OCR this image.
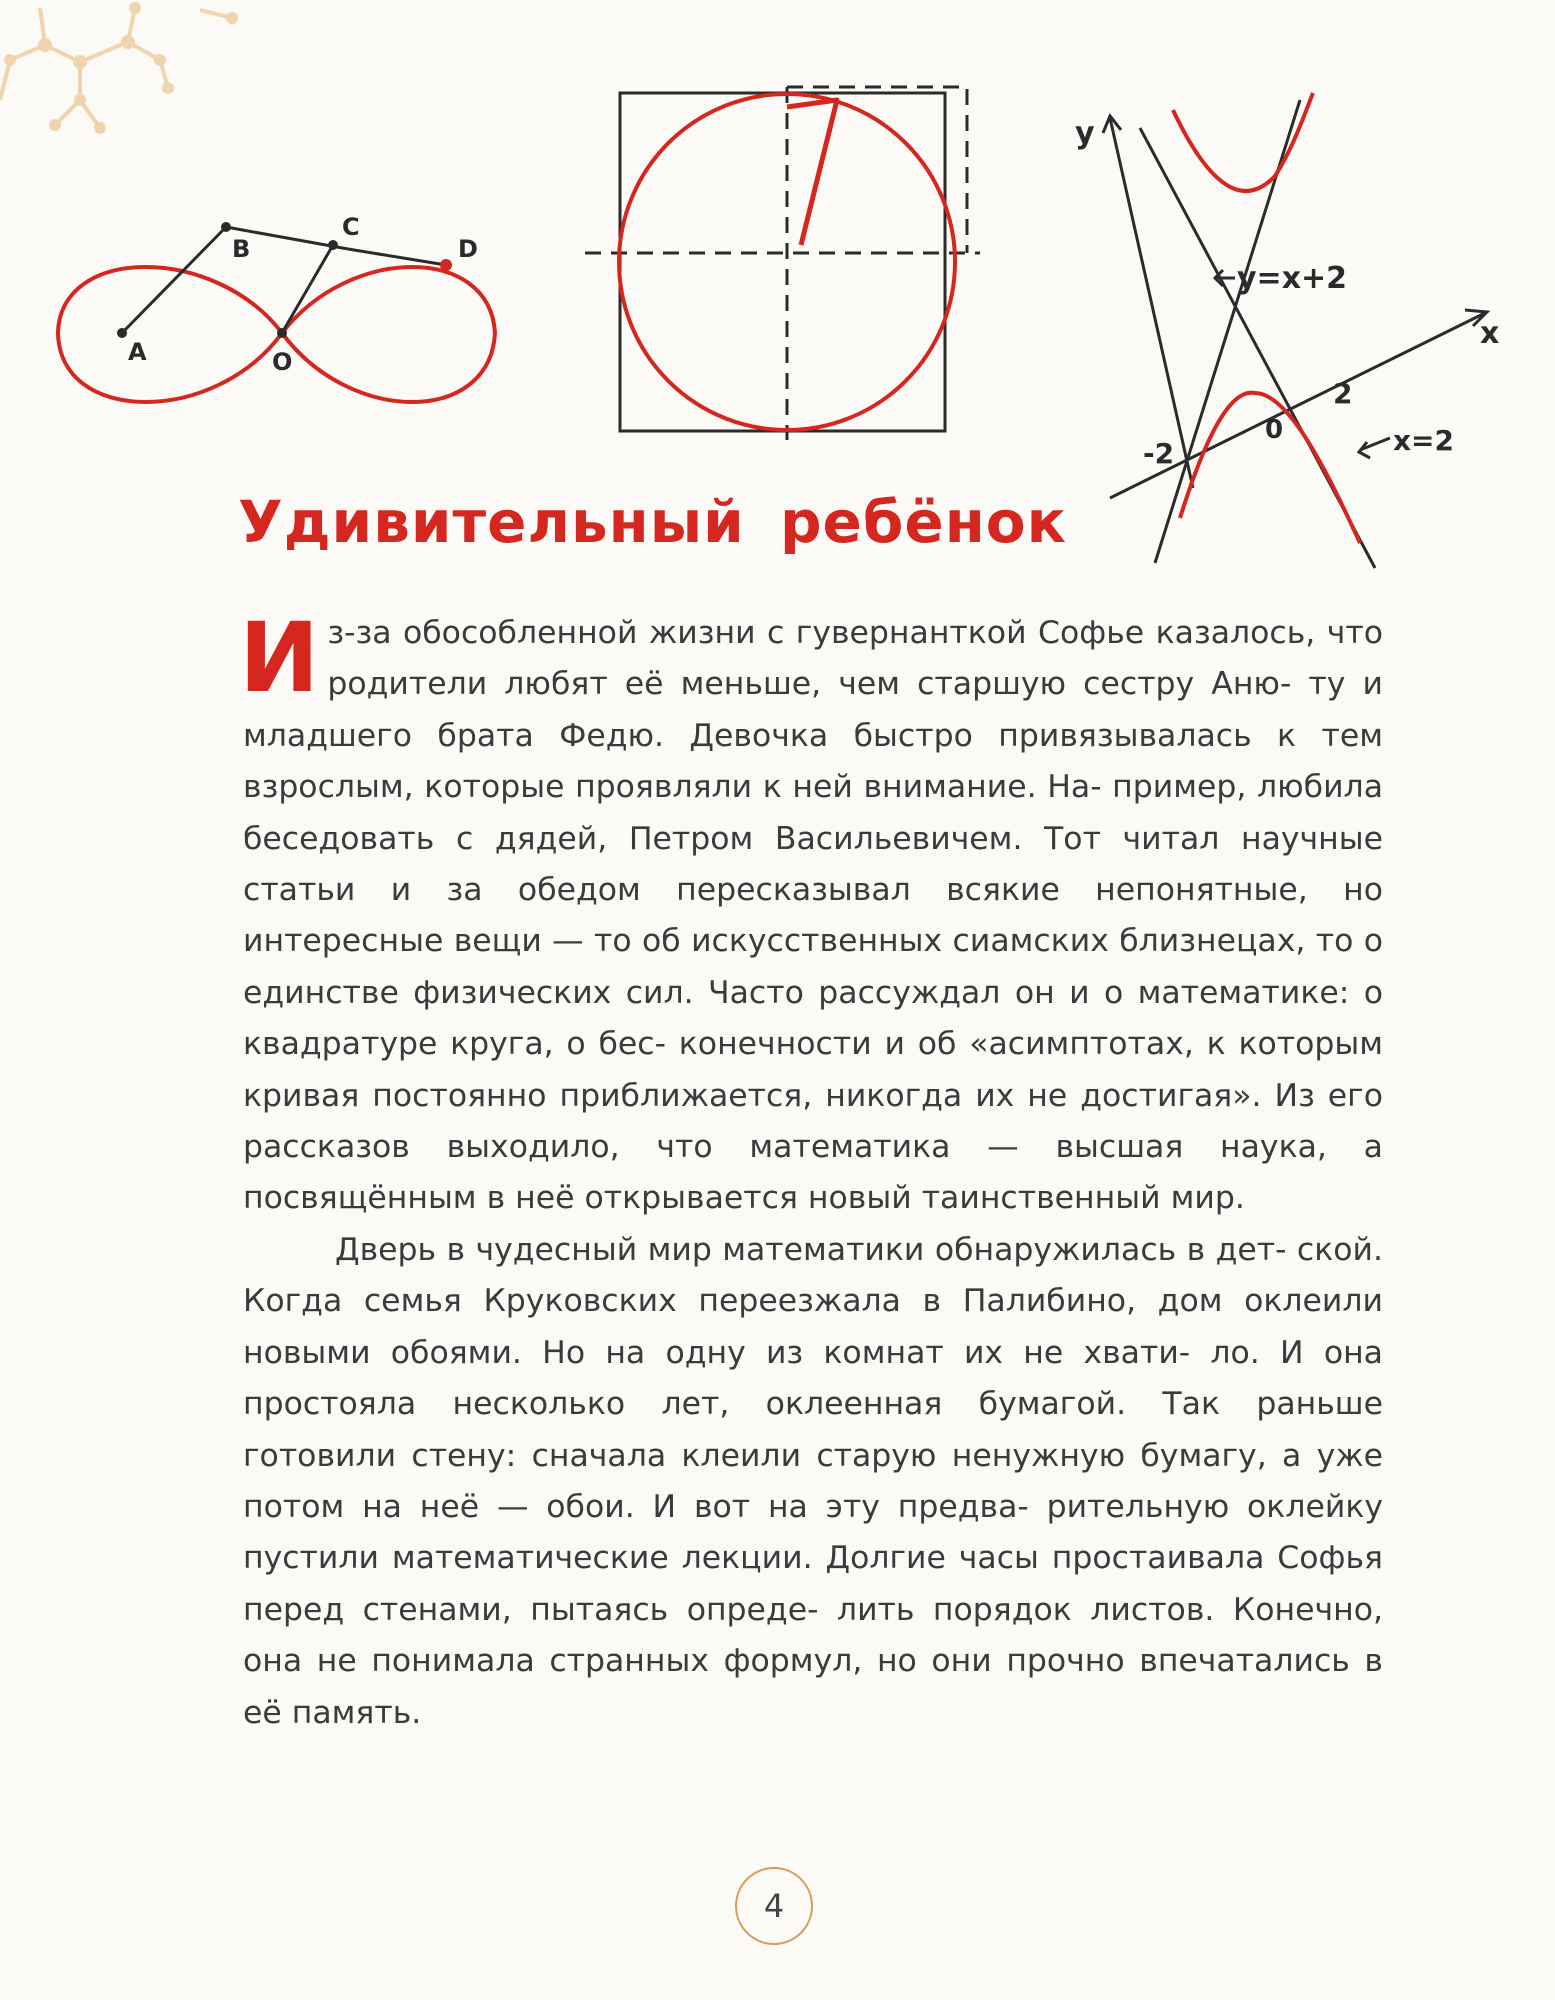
A
B
C
D
O
7
y
x
y=x+2
x=2
-2
0
2
Удивительный ребёнок

Из-за обособленной жизни с гувернанткой Софье казалось, что родители любят её меньше, чем старшую сестру Аню- ту и младшего брата Федю. Девочка быстро привязывалась к тем взрослым, которые проявляли к ней внимание. На- пример, любила беседовать с дядей, Петром Васильевичем. Тот читал научные статьи и за обедом пересказывал всякие непонятные, но интересные вещи — то об искусственных сиамских близнецах, то о единстве физических сил. Часто рассуждал он и о математике: о квадратуре круга, о бес- конечности и об «асимптотах, к которым кривая постоянно приближается, никогда их не достигая». Из его рассказов выходило, что математика — высшая наука, а посвящённым в неё открывается новый таинственный мир.

Дверь в чудесный мир математики обнаружилась в дет- ской. Когда семья Круковских переезжала в Палибино, дом оклеили новыми обоями. Но на одну из комнат их не хвати- ло. И она простояла несколько лет, оклеенная бумагой. Так раньше готовили стену: сначала клеили старую ненужную бумагу, а уже потом на неё — обои. И вот на эту предва- рительную оклейку пустили математические лекции. Долгие часы простаивала Софья перед стенами, пытаясь опреде- лить порядок листов. Конечно, она не понимала странных формул, но они прочно впечатались в её память.

4
